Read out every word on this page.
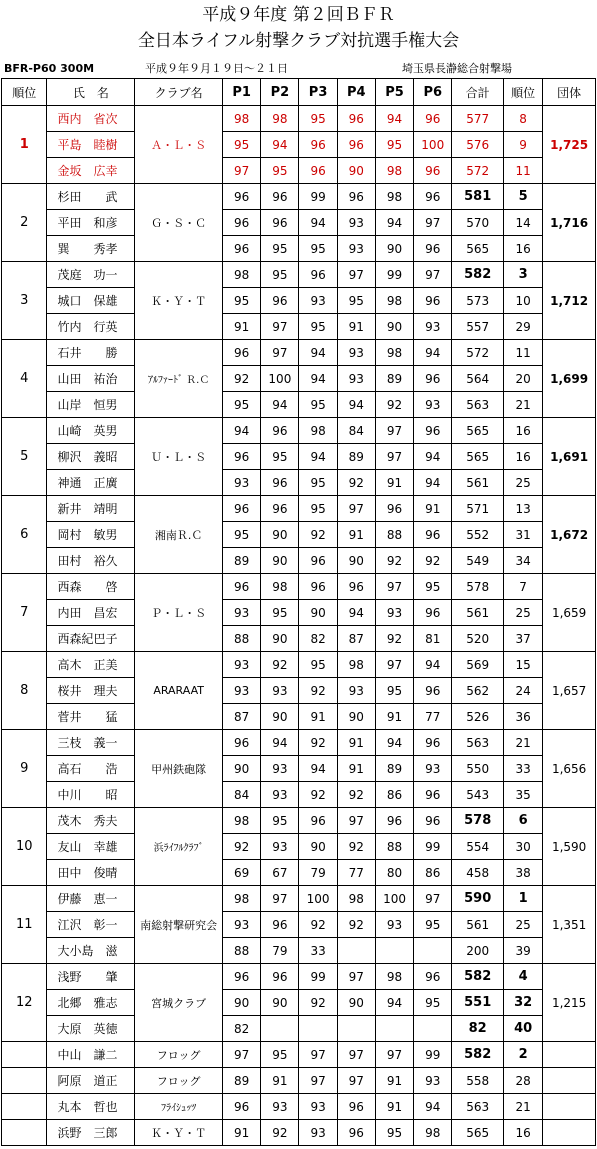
平成９年度 第２回ＢＦＲ
全日本ライフル射撃クラブ対抗選手権大会
BFR-P60 300M	平成９年９月１９日～２１日	埼玉県長瀞総合射撃場
順位	氏　名	クラブ名	P1	P2	P3	P4	P5	P6	合計	順位	団体
1	西内　省次	Ａ・Ｌ・Ｓ	98	98	95	96	94	96	577	8	1,725
	平島　睦樹		95	94	96	96	95	100	576	9	
	金坂　広幸		97	95	96	90	98	96	572	11	
2	杉田　　武	Ｇ・Ｓ・Ｃ	96	96	99	96	98	96	581	5	1,716
	平田　和彦		96	96	94	93	94	97	570	14	
	巽　　秀孝		96	95	95	93	90	96	565	16	
3	茂庭　功一	Ｋ・Ｙ・Ｔ	98	95	96	97	99	97	582	3	1,712
	城口　保雄		95	96	93	95	98	96	573	10	
	竹内　行英		91	97	95	91	90	93	557	29	
4	石井　　勝	ｱﾙﾌｧｰﾄﾞ Ｒ.Ｃ	96	97	94	93	98	94	572	11	1,699
	山田　祐治		92	100	94	93	89	96	564	20	
	山岸　恒男		95	94	95	94	92	93	563	21	
5	山崎　英男	Ｕ・Ｌ・Ｓ	94	96	98	84	97	96	565	16	1,691
	柳沢　義昭		96	95	94	89	97	94	565	16	
	神通　正廣		93	96	95	92	91	94	561	25	
6	新井　靖明	湘南Ｒ.Ｃ	96	96	95	97	96	91	571	13	1,672
	岡村　敏男		95	90	92	91	88	96	552	31	
	田村　裕久		89	90	96	90	92	92	549	34	
7	西森　　啓	Ｐ・Ｌ・Ｓ	96	98	96	96	97	95	578	7	1,659
	内田　昌宏		93	95	90	94	93	96	561	25	
	西森紀巴子		88	90	82	87	92	81	520	37	
8	高木　正美	ARARAAT	93	92	95	98	97	94	569	15	1,657
	桜井　理夫		93	93	92	93	95	96	562	24	
	菅井　　猛		87	90	91	90	91	77	526	36	
9	三枝　義一	甲州鉄砲隊	96	94	92	91	94	96	563	21	1,656
	高石　　浩		90	93	94	91	89	93	550	33	
	中川　　昭		84	93	92	92	86	96	543	35	
10	茂木　秀夫	浜ﾗｲﾌﾙｸﾗﾌﾞ	98	95	96	97	96	96	578	6	1,590
	友山　幸雄		92	93	90	92	88	99	554	30	
	田中　俊晴		69	67	79	77	80	86	458	38	
11	伊藤　恵一	南総射撃研究会	98	97	100	98	100	97	590	1	1,351
	江沢　彰一		93	96	92	92	93	95	561	25	
	大小島　滋		88	79	33				200	39	
12	浅野　　肇	宮城クラブ	96	96	99	97	98	96	582	4	1,215
	北郷　雅志		90	90	92	90	94	95	551	32	
	大原　英徳		82						82	40	
	中山　謙二	フロッグ	97	95	97	97	97	99	582	2	
	阿原　道正	フロッグ	89	91	97	97	91	93	558	28	
	丸本　哲也	ﾌﾗｲｼｭｯﾂ	96	93	93	96	91	94	563	21	
	浜野　三郎	Ｋ・Ｙ・Ｔ	91	92	93	96	95	98	565	16	
